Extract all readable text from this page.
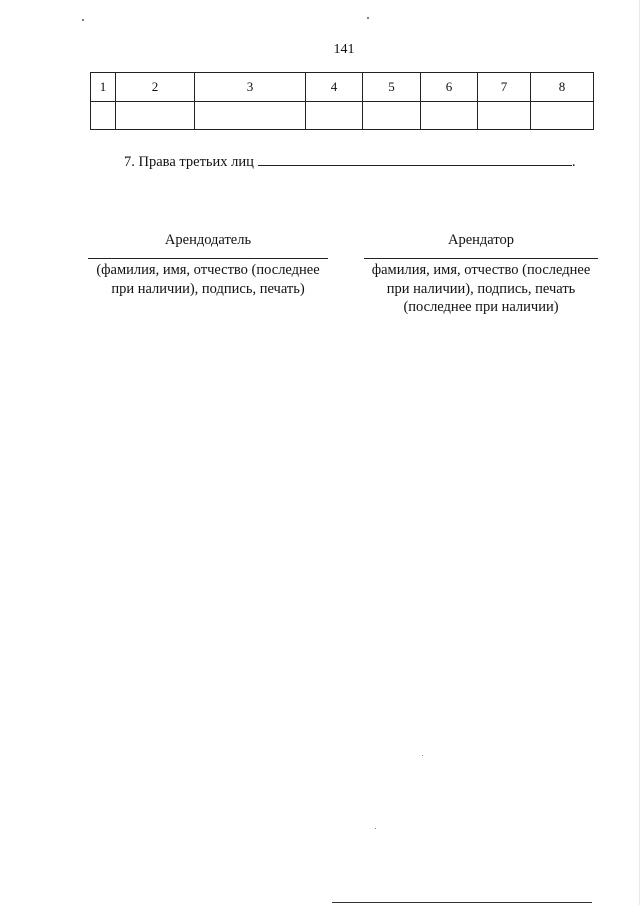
141
1	2	3	4	5	6	7	8

7. Права третьих лиц	.
Арендодатель
(фамилия, имя, отчество (последнее при наличии), подпись, печать)
Арендатор
фамилия, имя, отчество (последнее при наличии), подпись, печать (последнее при наличии)
